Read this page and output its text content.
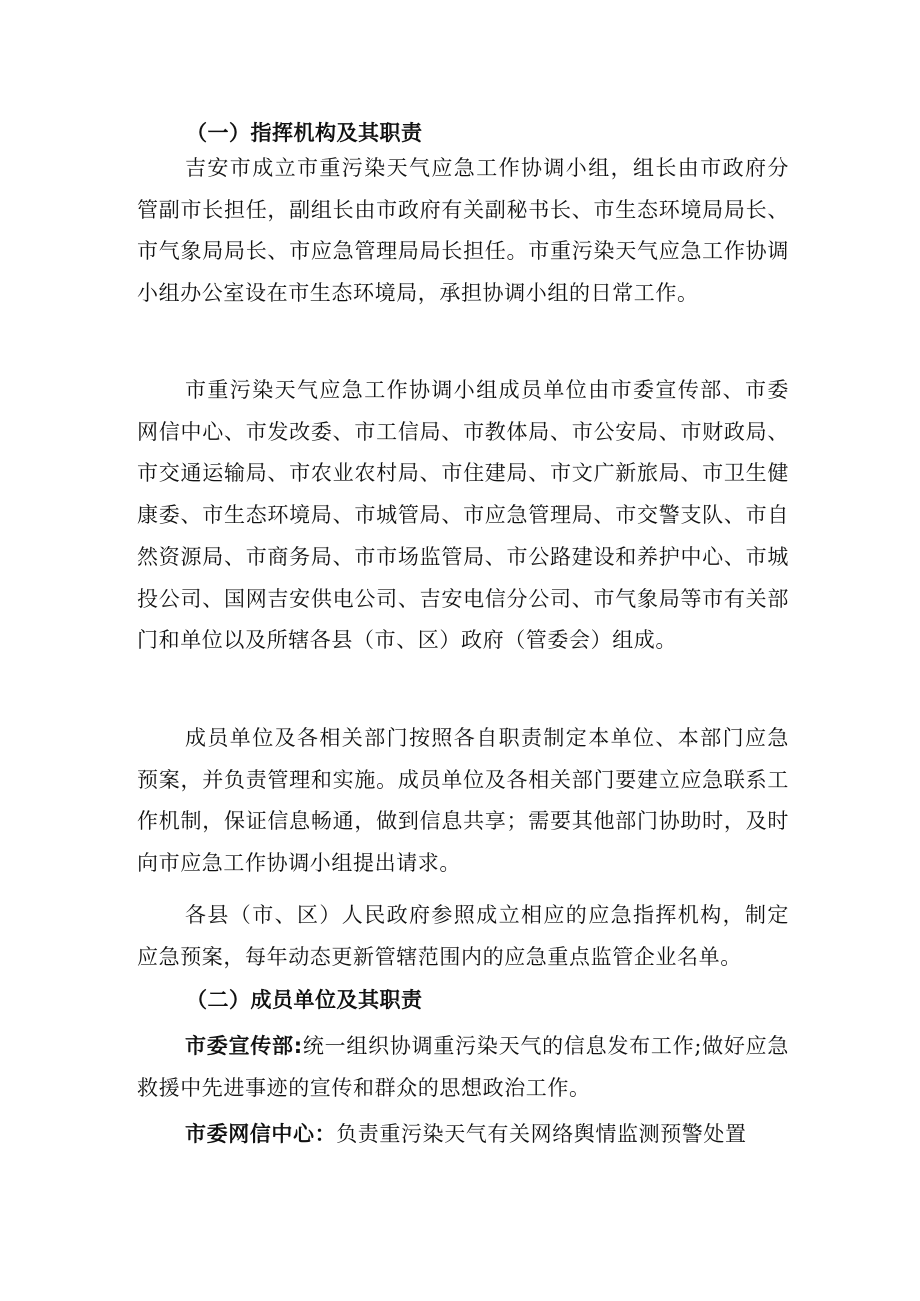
（一）指挥机构及其职责

吉安市成立市重污染天气应急工作协调小组，组长由市政府分管副市长担任，副组长由市政府有关副秘书长、市生态环境局局长、市气象局局长、市应急管理局局长担任。市重污染天气应急工作协调小组办公室设在市生态环境局，承担协调小组的日常工作。

市重污染天气应急工作协调小组成员单位由市委宣传部、市委网信中心、市发改委、市工信局、市教体局、市公安局、市财政局、市交通运输局、市农业农村局、市住建局、市文广新旅局、市卫生健康委、市生态环境局、市城管局、市应急管理局、市交警支队、市自然资源局、市商务局、市市场监管局、市公路建设和养护中心、市城投公司、国网吉安供电公司、吉安电信分公司、市气象局等市有关部门和单位以及所辖各县（市、区）政府（管委会）组成。

成员单位及各相关部门按照各自职责制定本单位、本部门应急预案，并负责管理和实施。成员单位及各相关部门要建立应急联系工作机制，保证信息畅通，做到信息共享；需要其他部门协助时，及时向市应急工作协调小组提出请求。

各县（市、区）人民政府参照成立相应的应急指挥机构，制定应急预案，每年动态更新管辖范围内的应急重点监管企业名单。

（二）成员单位及其职责

市委宣传部:统一组织协调重污染天气的信息发布工作;做好应急救援中先进事迹的宣传和群众的思想政治工作。

市委网信中心：负责重污染天气有关网络舆情监测预警处置
